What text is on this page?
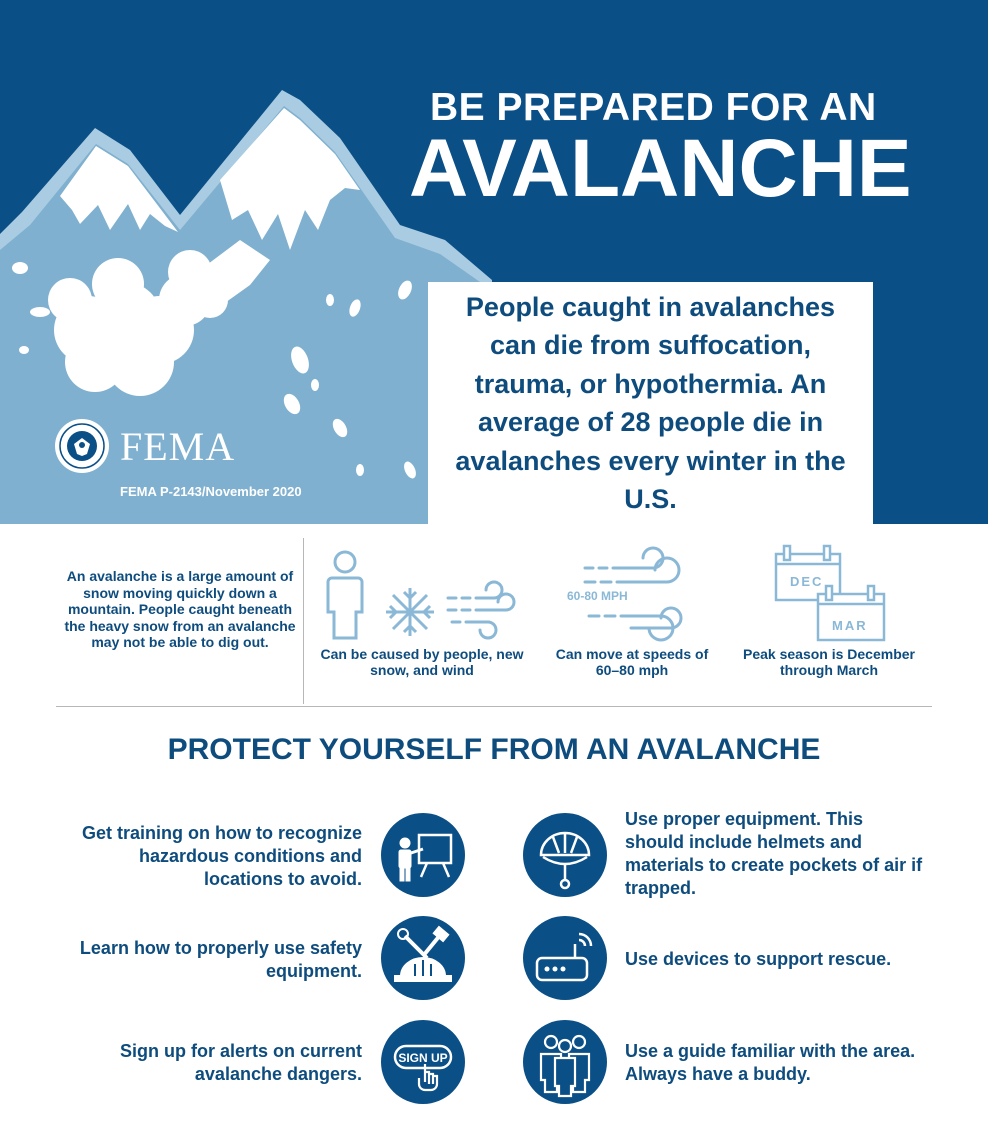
BE PREPARED FOR AN
AVALANCHE
FEMA
FEMA P-2143/November 2020

People caught in avalanches can die from suffocation, trauma, or hypothermia. An average of 28 people die in avalanches every winter in the U.S.

An avalanche is a large amount of snow moving quickly down a mountain. People caught beneath the heavy snow from an avalanche may not be able to dig out.

Can be caused by people, new snow, and wind
60-80 MPH
Can move at speeds of 60–80 mph
DEC
MAR
Peak season is December through March
PROTECT YOURSELF FROM AN AVALANCHE

Get training on how to recognize hazardous conditions and locations to avoid.

Learn how to properly use safety equipment.

Sign up for alerts on current avalanche dangers.

SIGN UP

Use proper equipment. This should include helmets and materials to create pockets of air if trapped.

Use devices to support rescue.

Use a guide familiar with the area. Always have a buddy.
